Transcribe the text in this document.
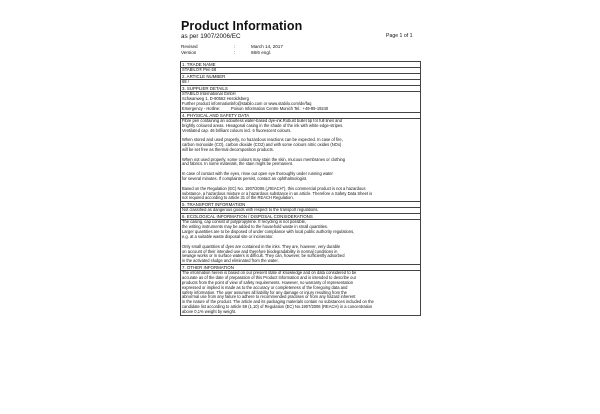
Product Information
as per 1907/2006/EC	Page 1 of 1
Revised	:	March 14, 2017
Version	:	68/6 engl.
1. TRADE NAME
STABILO® Pen 68
2. ARTICLE NUMBER
68 /
3. SUPPLIER DETAILS
STABILO International GmbH
Schwanweg 1, D-90562 Heroldsberg
Further product information:
info@stabilo.com or www.stabilo.com/de/faq
Emergency - Hotline:	Poison Information Centre Munich Tel.: +49-89-19240
4. PHYSICAL AND SAFETY DATA
Fibre pen containing an odourless water-based dye-ink.Robust bullet tip for full lines and
brightly coloured areas. Hexagonal casing in the shade of the ink with white edge-stripes.
Ventilated cap. 46 brilliant colours incl. 6 fluorescent colours.
When stored and used properly, no hazardous reactions can be expected. In case of fire,
carbon monoxide (CO), carbon dioxide (CO2) and with some colours nitric oxides (NOx)
will be set free as thermal decomposition products.
When not used properly, some colours may stain the skin, mucous membranes or clothing
and fabrics. In some materials, the stain might be permanent.
In case of contact with the eyes, rinse out open eye thoroughly under running water
for several minutes. If complaints persist, contact an ophthalmologist.
Based on the Regulation (EC) No. 1907/2006 („REACH"), this commercial product is not a hazardous
substance, a hazardous mixture or a hazardous substance in an article. Therefore a Safety Data Sheet is
not required according to article 31 of the REACH Regulation.
5. TRANSPORT INFORMATION
Not classified as dangerous goods with respect to the transport regulations.
6. ECOLOGICAL INFORMATION / DISPOSAL CONSIDERATIONS
The casing, cap consist of polypropylene. If recycling is not possible,
the writing instruments may be added to the household waste in small quantities.
Larger quantities are to be disposed of under compliance with local public authority regulations,
e.g. at a suitable waste disposal site or incinerator.
Only small quantities of dyes are contained in the inks. They are, however, very durable
on account of their intended use and therefore biodegradability in normal conditions in
sewage works or in surface waters is difficult. They can, however, be sufficiently adsorbed
in the activated sludge and eliminated from the water.
7. OTHER INFORMATION
The information herein is based on our present state of knowledge and on data considered to be
accurate as of the date of preparation of this Product Information and is intended to describe our
products from the point of view of safety requirements. However, no warranty of representation
expressed or implied is made as to the accuracy or completeness of the foregoing data and
safety information. The user assumes all liability for any damage or injury resulting from the
abnormal use from any failure to adhere to recommended practises or from any hazard inherent
in the nature of the product. The article and its packaging materials contain no substances included on the
candidate list according to article 59 (1,10) of Regulation (EC) No.1907/2006 (REACH) in a concentration
above 0,1% weight by weight.
